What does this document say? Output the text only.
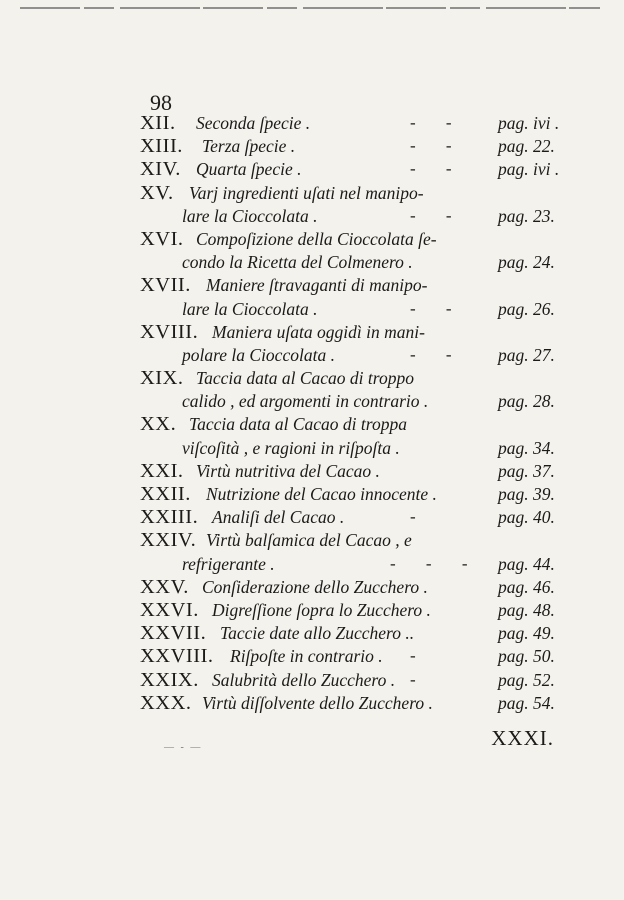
98
XII. Seconda ſpecie .	- -	pag. ivi .
XIII. Terza ſpecie .	- -	pag. 22.
XIV. Quarta ſpecie .	- -	pag. ivi .
XV. Varj ingredienti uſati nel manipo-
lare la Cioccolata .	- -	pag. 23.
XVI. Compoſizione della Cioccolata ſe-
condo la Ricetta del Colmenero .	pag. 24.
XVII. Maniere ſtravaganti di manipo-
lare la Cioccolata .	- -	pag. 26.
XVIII. Maniera uſata oggidì in mani-
polare la Cioccolata .	- -	pag. 27.
XIX. Taccia data al Cacao di troppo
calido , ed argomenti in contrario .	pag. 28.
XX. Taccia data al Cacao di troppa
viſcoſità , e ragioni in riſpoſta .	pag. 34.
XXI. Virtù nutritiva del Cacao .	pag. 37.
XXII. Nutrizione del Cacao innocente .	pag. 39.
XXIII. Analiſi del Cacao .	-	pag. 40.
XXIV. Virtù balſamica del Cacao , e
refrigerante .	- - - pag. 44.
XXV. Conſiderazione dello Zucchero .	pag. 46.
XXVI. Digreſſione ſopra lo Zucchero .	pag. 48.
XXVII. Taccie date allo Zucchero ..	pag. 49.
XXVIII. Riſpoſte in contrario . -	pag. 50.
XXIX. Salubrità dello Zucchero . -	pag. 52.
XXX. Virtù diſſolvente dello Zucchero .	pag. 54.
— - —	XXXI.
